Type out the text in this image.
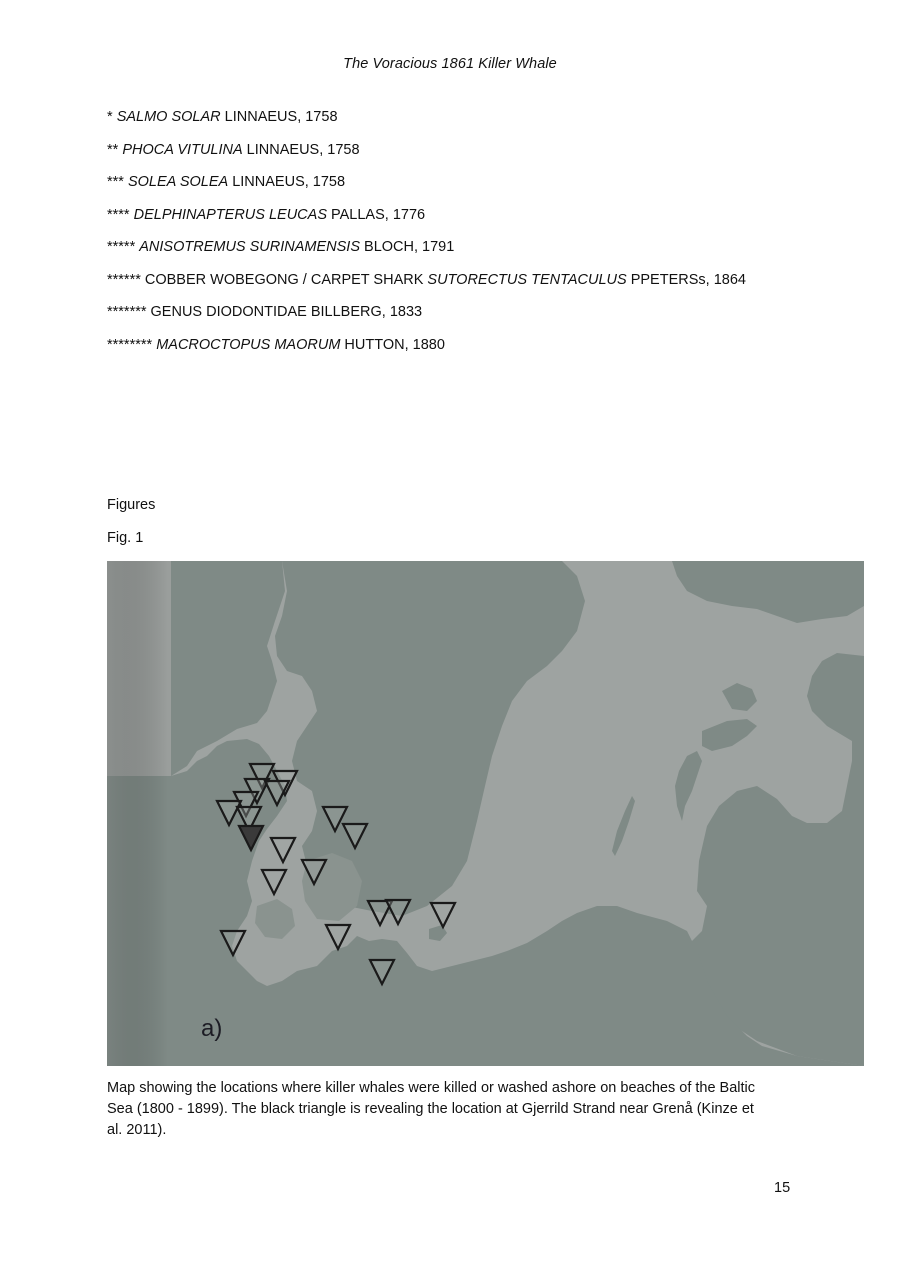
The Voracious 1861 Killer Whale
* SALMO SOLAR LINNAEUS, 1758
** PHOCA VITULINA LINNAEUS, 1758
*** SOLEA SOLEA LINNAEUS, 1758
**** DELPHINAPTERUS LEUCAS PALLAS, 1776
***** ANISOTREMUS SURINAMENSIS BLOCH, 1791
****** COBBER WOBEGONG / CARPET SHARK SUTORECTUS TENTACULUS PPETERSs, 1864
******* GENUS DIODONTIDAE BILLBERG, 1833
******** MACROCTOPUS MAORUM HUTTON, 1880
Figures
Fig. 1
a)
Map showing the locations where killer whales were killed or washed ashore on beaches of the Baltic
Sea (1800 - 1899). The black triangle is revealing the location at Gjerrild Strand near Grenå (Kinze et
al. 2011).
15
